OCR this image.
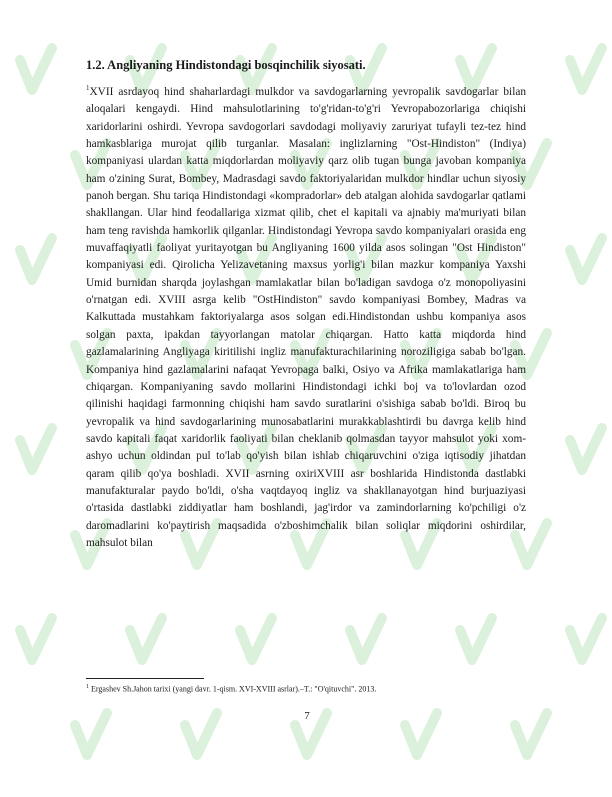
1.2. Angliyaning Hindistondagi bosqinchilik siyosati.
$^1$XVII asrdayoq hind shaharlardagi mulkdor va savdogarlarning yevropalik savdogarlar bilan aloqalari kengaydi. Hind mahsulotlarining to'g'ridan-to'g'ri Yevropabozorlariga chiqishi xaridorlarini oshirdi. Yevropa savdogorlari savdodagi moliyaviy zaruriyat tufayli tez-tez hind hamkasblariga murojat qilib turganlar. Masalan: inglizlarning "Ost-Hindiston" (Indiya) kompaniyasi ulardan katta miqdorlardan moliyaviy qarz olib tugan bunga javoban kompaniya ham o'zining Surat, Bombey, Madrasdagi savdo faktoriyalaridan mulkdor hindlar uchun siyosiy panoh bergan. Shu tariqa Hindistondagi «kompradorlar» deb atalgan alohida savdogarlar qatlami shakllangan. Ular hind feodallariga xizmat qilib, chet el kapitali va ajnabiy ma'muriyati bilan ham teng ravishda hamkorlik qilganlar. Hindistondagi Yevropa savdo kompaniyalari orasida eng muvaffaqiyatli faoliyat yuritayotgan bu Angliyaning 1600 yilda asos solingan "Ost Hindiston" kompaniyasi edi. Qirolicha Yelizavetaning maxsus yorlig'i bilan mazkur kompaniya Yaxshi Umid burnidan sharqda joylashgan mamlakatlar bilan bo'ladigan savdoga o'z monopoliyasini o'rnatgan edi. XVIII asrga kelib "OstHindiston" savdo kompaniyasi Bombey, Madras va Kalkuttada mustahkam faktoriyalarga asos solgan edi.Hindistondan ushbu kompaniya asos solgan paxta, ipakdan tayyorlangan matolar chiqargan. Hatto katta miqdorda hind gazlamalarining Angliyaga kiritilishi ingliz manufakturachilarining noroziligiga sabab bo'lgan. Kompaniya hind gazlamalarini nafaqat Yevropaga balki, Osiyo va Afrika mamlakatlariga ham chiqargan. Kompaniyaning savdo mollarini Hindistondagi ichki boj va to'lovlardan ozod qilinishi haqidagi farmonning chiqishi ham savdo suratlarini o'sishiga sabab bo'ldi. Biroq bu yevropalik va hind savdogarlarining munosabatlarini murakkablashtirdi bu davrga kelib hind savdo kapitali faqat xaridorlik faoliyati bilan cheklanib qolmasdan tayyor mahsulot yoki xom-ashyo uchun oldindan pul to'lab qo'yish bilan ishlab chiqaruvchini o'ziga iqtisodiy jihatdan qaram qilib qo'ya boshladi. XVII asrning oxiriXVIII asr boshlarida Hindistonda dastlabki manufakturalar paydo bo'ldi, o'sha vaqtdayoq ingliz va shakllanayotgan hind burjuaziyasi o'rtasida dastlabki ziddiyatlar ham boshlandi, jag'irdor va zamindorlarning ko'pchiligi o'z daromadlarini ko'paytirish maqsadida o'zboshimchalik bilan soliqlar miqdorini oshirdilar, mahsulot bilan
$^1$ Ergashev Sh.Jahon tarixi (yangi davr. 1-qism. XVI-XVIII asrlar).–T.: "O'qituvchi". 2013.
7
